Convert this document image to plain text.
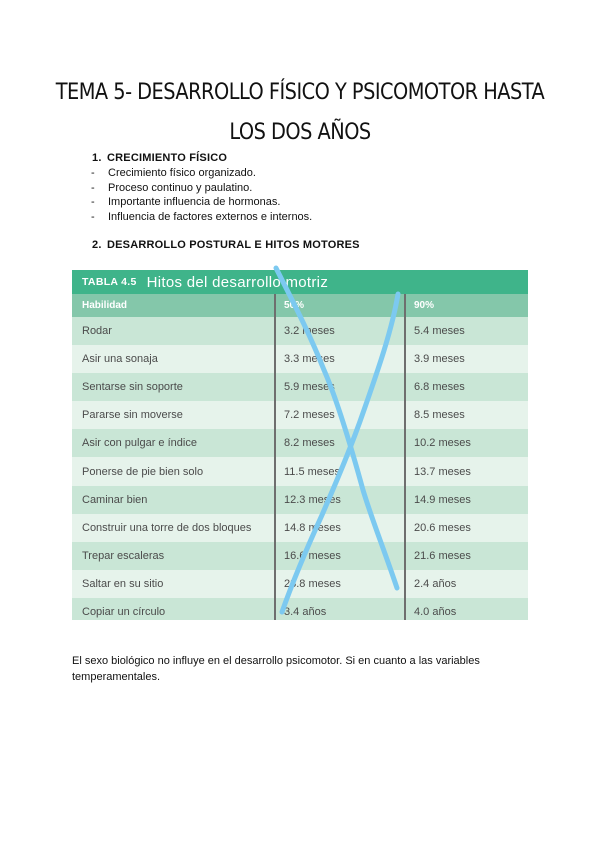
TEMA 5- DESARROLLO FÍSICO Y PSICOMOTOR HASTA
LOS DOS AÑOS
1. CRECIMIENTO FÍSICO
- Crecimiento físico organizado.
- Proceso continuo y paulatino.
- Importante influencia de hormonas.
- Influencia de factores externos e internos.
2. DESARROLLO POSTURAL E HITOS MOTORES
TABLA 4.5 Hitos del desarrollo motriz
Habilidad	50%	90%
Rodar	3.2 meses	5.4 meses
Asir una sonaja	3.3 meses	3.9 meses
Sentarse sin soporte	5.9 meses	6.8 meses
Pararse sin moverse	7.2 meses	8.5 meses
Asir con pulgar e índice	8.2 meses	10.2 meses
Ponerse de pie bien solo	11.5 meses	13.7 meses
Caminar bien	12.3 meses	14.9 meses
Construir una torre de dos bloques	14.8 meses	20.6 meses
Trepar escaleras	16.6 meses	21.6 meses
Saltar en su sitio	23.8 meses	2.4 años
Copiar un círculo	3.4 años	4.0 años
El sexo biológico no influye en el desarrollo psicomotor. Si en cuanto a las variables
temperamentales.
